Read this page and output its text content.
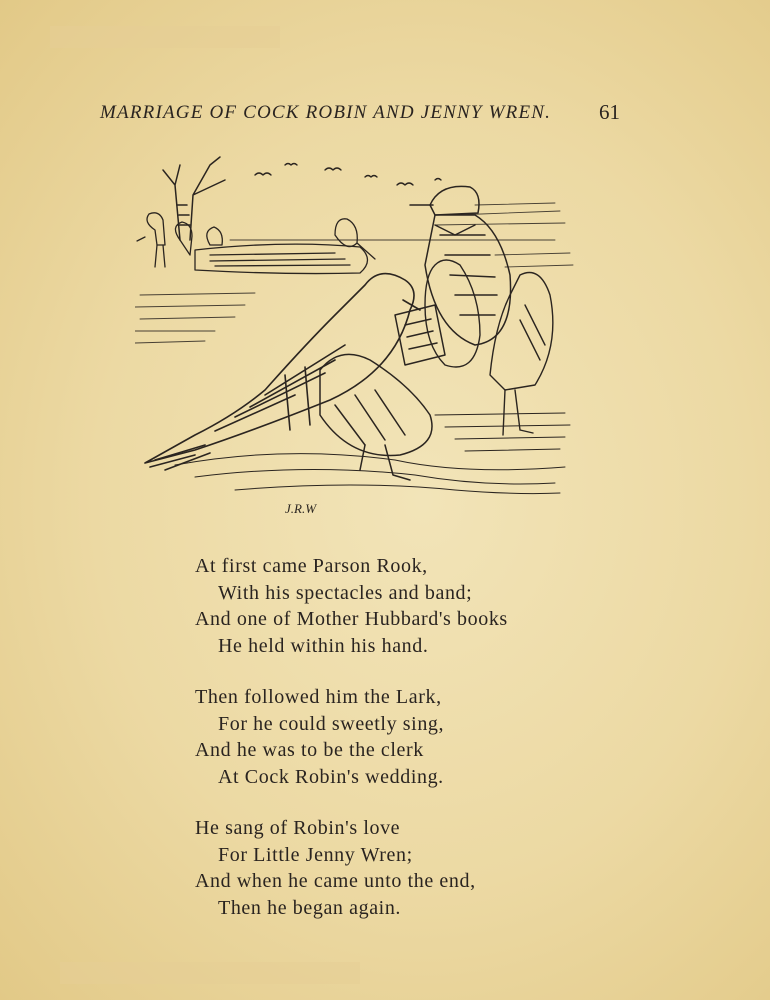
MARRIAGE OF COCK ROBIN AND JENNY WREN. 61
J.R.W
At first came Parson Rook,
With his spectacles and band;
And one of Mother Hubbard's books
He held within his hand.
Then followed him the Lark,
For he could sweetly sing,
And he was to be the clerk
At Cock Robin's wedding.
He sang of Robin's love
For Little Jenny Wren;
And when he came unto the end,
Then he began again.
